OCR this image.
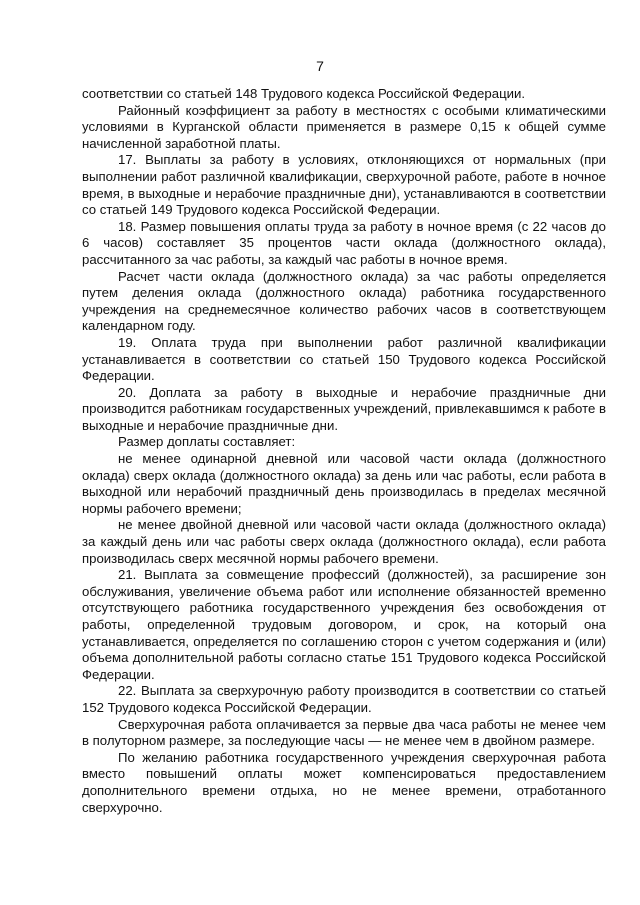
7

соответствии со статьей 148 Трудового кодекса Российской Федерации.

Районный коэффициент за работу в местностях с особыми климатическими условиями в Курганской области применяется в размере 0,15 к общей сумме начисленной заработной платы.

17. Выплаты за работу в условиях, отклоняющихся от нормальных (при выполнении работ различной квалификации, сверхурочной работе, работе в ночное время, в выходные и нерабочие праздничные дни), устанавливаются в соответствии со статьей 149 Трудового кодекса Российской Федерации.

18. Размер повышения оплаты труда за работу в ночное время (с 22 часов до 6 часов) составляет 35 процентов части оклада (должностного оклада), рассчитанного за час работы, за каждый час работы в ночное время.

Расчет части оклада (должностного оклада) за час работы определяется путем деления оклада (должностного оклада) работника государственного учреждения на среднемесячное количество рабочих часов в соответствующем календарном году.

19. Оплата труда при выполнении работ различной квалификации устанавливается в соответствии со статьей 150 Трудового кодекса Российской Федерации.

20. Доплата за работу в выходные и нерабочие праздничные дни производится работникам государственных учреждений, привлекавшимся к работе в выходные и нерабочие праздничные дни.

Размер доплаты составляет:

не менее одинарной дневной или часовой части оклада (должностного оклада) сверх оклада (должностного оклада) за день или час работы, если работа в выходной или нерабочий праздничный день производилась в пределах месячной нормы рабочего времени;

не менее двойной дневной или часовой части оклада (должностного оклада) за каждый день или час работы сверх оклада (должностного оклада), если работа производилась сверх месячной нормы рабочего времени.

21. Выплата за совмещение профессий (должностей), за расширение зон обслуживания, увеличение объема работ или исполнение обязанностей временно отсутствующего работника государственного учреждения без освобождения от работы, определенной трудовым договором, и срок, на который она устанавливается, определяется по соглашению сторон с учетом содержания и (или) объема дополнительной работы согласно статье 151 Трудового кодекса Российской Федерации.

22. Выплата за сверхурочную работу производится в соответствии со статьей 152 Трудового кодекса Российской Федерации.

Сверхурочная работа оплачивается за первые два часа работы не менее чем в полуторном размере, за последующие часы — не менее чем в двойном размере.

По желанию работника государственного учреждения сверхурочная работа вместо повышений оплаты может компенсироваться предоставлением дополнительного времени отдыха, но не менее времени, отработанного сверхурочно.
